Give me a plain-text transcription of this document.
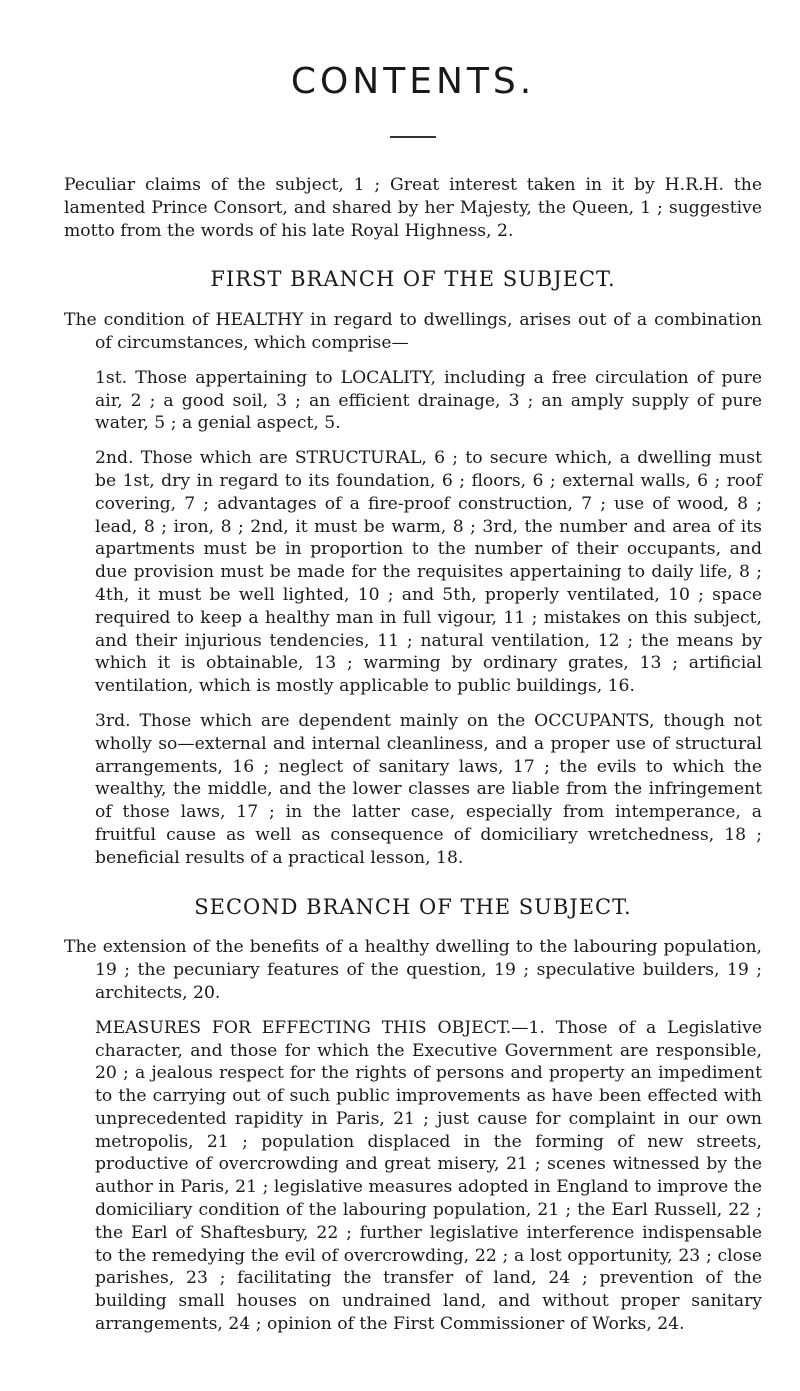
CONTENTS.

Peculiar claims of the subject, 1 ; Great interest taken in it by H.R.H. the lamented Prince Consort, and shared by her Majesty, the Queen, 1 ; suggestive motto from the words of his late Royal Highness, 2.

FIRST BRANCH OF THE SUBJECT.

The condition of HEALTHY in regard to dwellings, arises out of a combination of circumstances, which comprise—

1st. Those appertaining to LOCALITY, including a free circulation of pure air, 2 ; a good soil, 3 ; an efficient drainage, 3 ; an amply supply of pure water, 5 ; a genial aspect, 5.

2nd. Those which are STRUCTURAL, 6 ; to secure which, a dwelling must be 1st, dry in regard to its foundation, 6 ; floors, 6 ; external walls, 6 ; roof covering, 7 ; advantages of a fire-proof construction, 7 ; use of wood, 8 ; lead, 8 ; iron, 8 ; 2nd, it must be warm, 8 ; 3rd, the number and area of its apartments must be in proportion to the number of their occupants, and due provision must be made for the requisites appertaining to daily life, 8 ; 4th, it must be well lighted, 10 ; and 5th, properly ventilated, 10 ; space required to keep a healthy man in full vigour, 11 ; mistakes on this subject, and their injurious tendencies, 11 ; natural ventilation, 12 ; the means by which it is obtainable, 13 ; warming by ordinary grates, 13 ; artificial ventilation, which is mostly applicable to public buildings, 16.

3rd. Those which are dependent mainly on the OCCUPANTS, though not wholly so—external and internal cleanliness, and a proper use of structural arrangements, 16 ; neglect of sanitary laws, 17 ; the evils to which the wealthy, the middle, and the lower classes are liable from the infringement of those laws, 17 ; in the latter case, especially from intemperance, a fruitful cause as well as consequence of domiciliary wretchedness, 18 ; beneficial results of a practical lesson, 18.

SECOND BRANCH OF THE SUBJECT.

The extension of the benefits of a healthy dwelling to the labouring population, 19 ; the pecuniary features of the question, 19 ; speculative builders, 19 ; architects, 20.

MEASURES FOR EFFECTING THIS OBJECT.—1. Those of a Legislative character, and those for which the Executive Government are responsible, 20 ; a jealous respect for the rights of persons and property an impediment to the carrying out of such public improvements as have been effected with unprecedented rapidity in Paris, 21 ; just cause for complaint in our own metropolis, 21 ; population displaced in the forming of new streets, productive of overcrowding and great misery, 21 ; scenes witnessed by the author in Paris, 21 ; legislative measures adopted in England to improve the domiciliary condition of the labouring population, 21 ; the Earl Russell, 22 ; the Earl of Shaftesbury, 22 ; further legislative interference indispensable to the remedying the evil of overcrowding, 22 ; a lost opportunity, 23 ; close parishes, 23 ; facilitating the transfer of land, 24 ; prevention of the building small houses on undrained land, and without proper sanitary arrangements, 24 ; opinion of the First Commissioner of Works, 24.
